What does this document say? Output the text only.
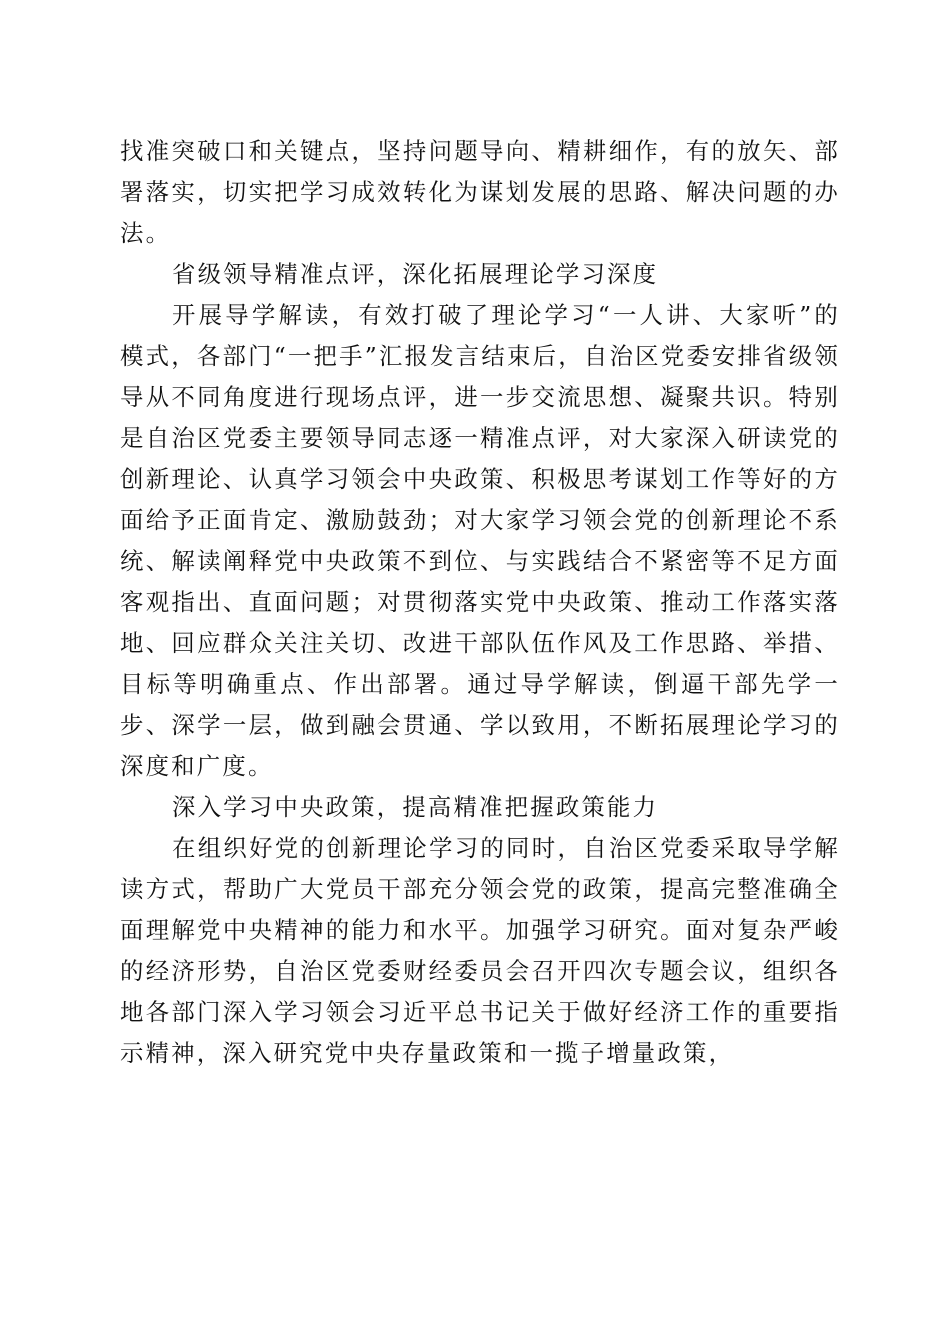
找准突破口和关键点，坚持问题导向、精耕细作，有的放矢、部署落实，切实把学习成效转化为谋划发展的思路、解决问题的办法。

省级领导精准点评，深化拓展理论学习深度

开展导学解读，有效打破了理论学习“一人讲、大家听”的模式，各部门“一把手”汇报发言结束后，自治区党委安排省级领导从不同角度进行现场点评，进一步交流思想、凝聚共识。特别是自治区党委主要领导同志逐一精准点评，对大家深入研读党的创新理论、认真学习领会中央政策、积极思考谋划工作等好的方面给予正面肯定、激励鼓劲；对大家学习领会党的创新理论不系统、解读阐释党中央政策不到位、与实践结合不紧密等不足方面客观指出、直面问题；对贯彻落实党中央政策、推动工作落实落地、回应群众关注关切、改进干部队伍作风及工作思路、举措、目标等明确重点、作出部署。通过导学解读，倒逼干部先学一步、深学一层，做到融会贯通、学以致用，不断拓展理论学习的深度和广度。

深入学习中央政策，提高精准把握政策能力

在组织好党的创新理论学习的同时，自治区党委采取导学解读方式，帮助广大党员干部充分领会党的政策，提高完整准确全面理解党中央精神的能力和水平。加强学习研究。面对复杂严峻的经济形势，自治区党委财经委员会召开四次专题会议，组织各地各部门深入学习领会习近平总书记关于做好经济工作的重要指示精神，深入研究党中央存量政策和一揽子增量政策，
